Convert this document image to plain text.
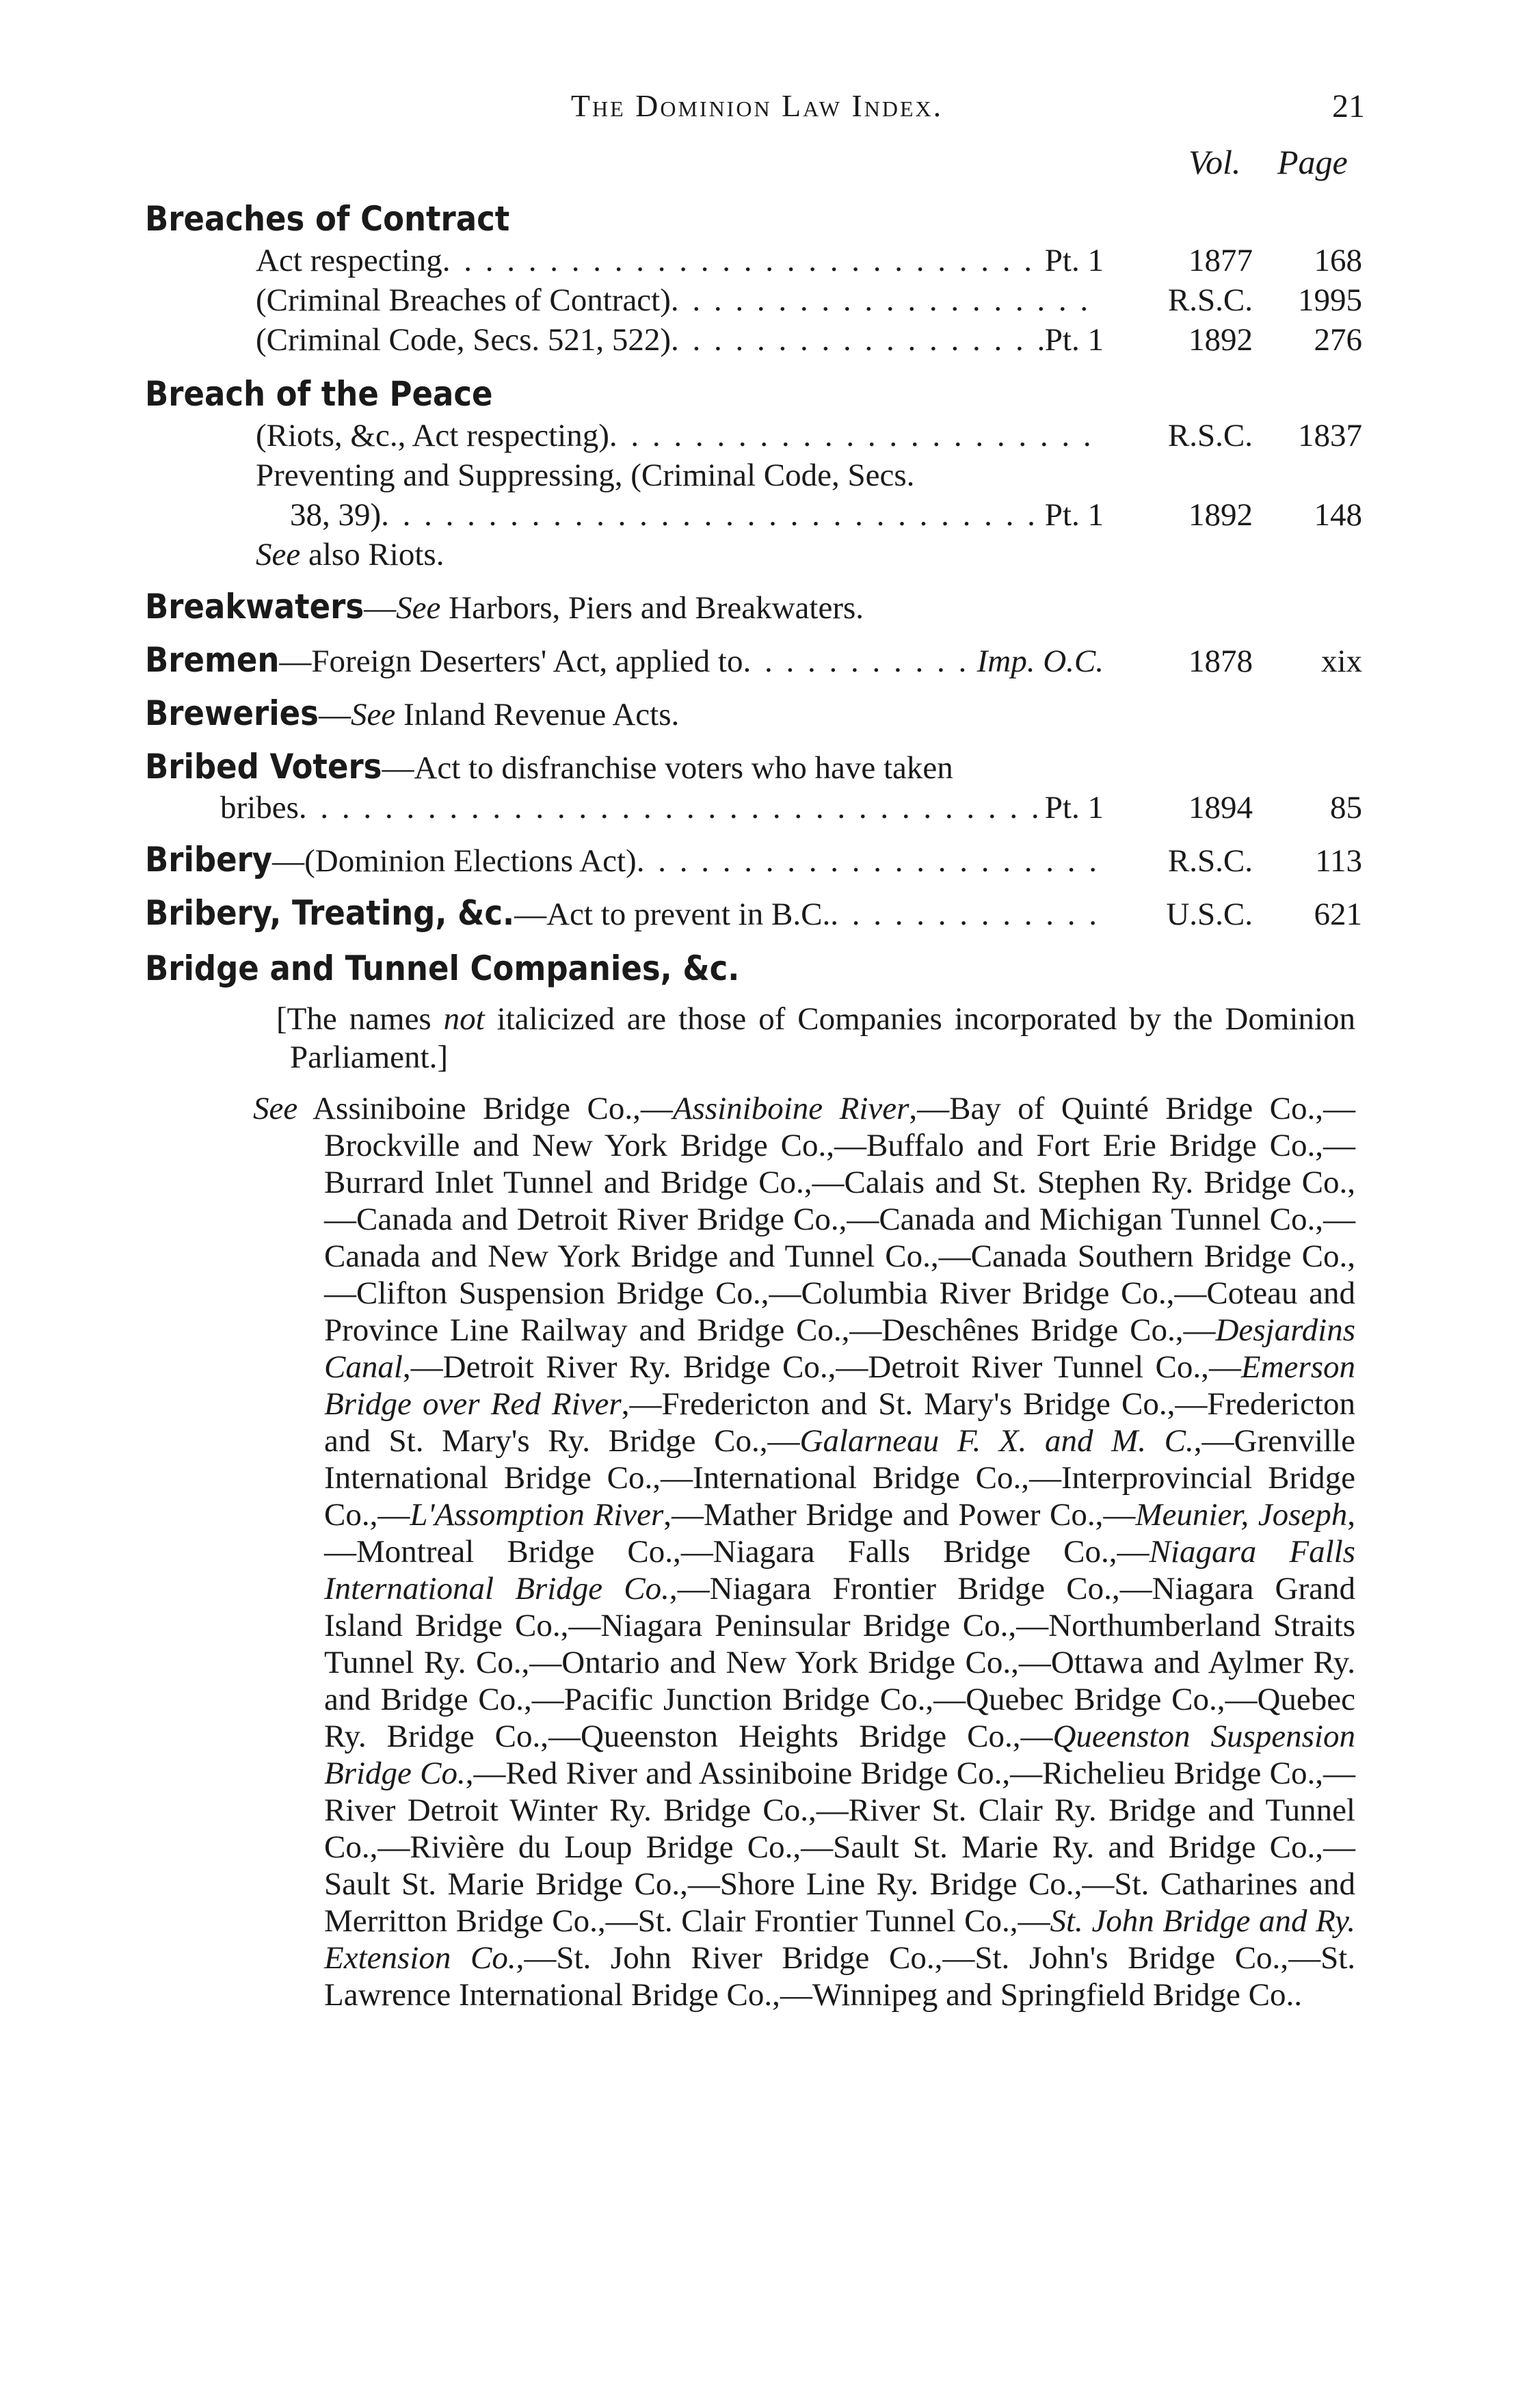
The Dominion Law Index.	21
Vol. Page
Breaches of Contract
Act respecting . . .	Pt. 1	1877	168
(Criminal Breaches of Contract) . . .	R.S.C.	1995
(Criminal Code, Secs. 521, 522) . . .	Pt. 1	1892	276
Breach of the Peace
(Riots, &c., Act respecting) . . .	R.S.C.	1837
Preventing and Suppressing, (Criminal Code, Secs.
38, 39) . . .	Pt. 1	1892	148
See also Riots.
Breakwaters — See Harbors, Piers and Breakwaters.
Bremen —Foreign Deserters' Act, applied to . . .	Imp. O.C.	1878	xix
Breweries — See Inland Revenue Acts.
Bribed Voters —Act to disfranchise voters who have taken
bribes . . .	Pt. 1	1894	85
Bribery —(Dominion Elections Act) . . .	R.S.C.	113
Bribery, Treating, &c. —Act to prevent in B.C. . . .	U.S.C.	621
Bridge and Tunnel Companies, &c.
[The names not italicized are those of Companies incorporated by the Dominion Parliament.]
See Assiniboine Bridge Co.,—Assiniboine River,—Bay of Quinté Bridge Co.,—Brockville and New York Bridge Co.,—Buffalo and Fort Erie Bridge Co.,—Burrard Inlet Tunnel and Bridge Co.,—Calais and St. Stephen Ry. Bridge Co.,—Canada and Detroit River Bridge Co.,—Canada and Michigan Tunnel Co.,—Canada and New York Bridge and Tunnel Co.,—Canada Southern Bridge Co.,—Clifton Suspension Bridge Co.,—Columbia River Bridge Co.,—Coteau and Province Line Railway and Bridge Co.,—Deschênes Bridge Co.,—Desjardins Canal,—Detroit River Ry. Bridge Co.,—Detroit River Tunnel Co.,—Emerson Bridge over Red River,—Fredericton and St. Mary's Bridge Co.,—Fredericton and St. Mary's Ry. Bridge Co.,—Galarneau F. X. and M. C.,—Grenville International Bridge Co.,—International Bridge Co.,—Interprovincial Bridge Co.,—L'Assomption River,—Mather Bridge and Power Co.,—Meunier, Joseph,—Montreal Bridge Co.,—Niagara Falls Bridge Co.,—Niagara Falls International Bridge Co.,—Niagara Frontier Bridge Co.,—Niagara Grand Island Bridge Co.,—Niagara Peninsular Bridge Co.,—Northumberland Straits Tunnel Ry. Co.,—Ontario and New York Bridge Co.,—Ottawa and Aylmer Ry. and Bridge Co.,—Pacific Junction Bridge Co.,—Quebec Bridge Co.,—Quebec Ry. Bridge Co.,—Queenston Heights Bridge Co.,—Queenston Suspension Bridge Co.,—Red River and Assiniboine Bridge Co.,—Richelieu Bridge Co.,—River Detroit Winter Ry. Bridge Co.,—River St. Clair Ry. Bridge and Tunnel Co.,—Rivière du Loup Bridge Co.,—Sault St. Marie Ry. and Bridge Co.,—Sault St. Marie Bridge Co.,—Shore Line Ry. Bridge Co.,—St. Catharines and Merritton Bridge Co.,—St. Clair Frontier Tunnel Co.,—St. John Bridge and Ry. Extension Co.,—St. John River Bridge Co.,—St. John's Bridge Co.,—St. Lawrence International Bridge Co.,—Winnipeg and Springfield Bridge Co..
